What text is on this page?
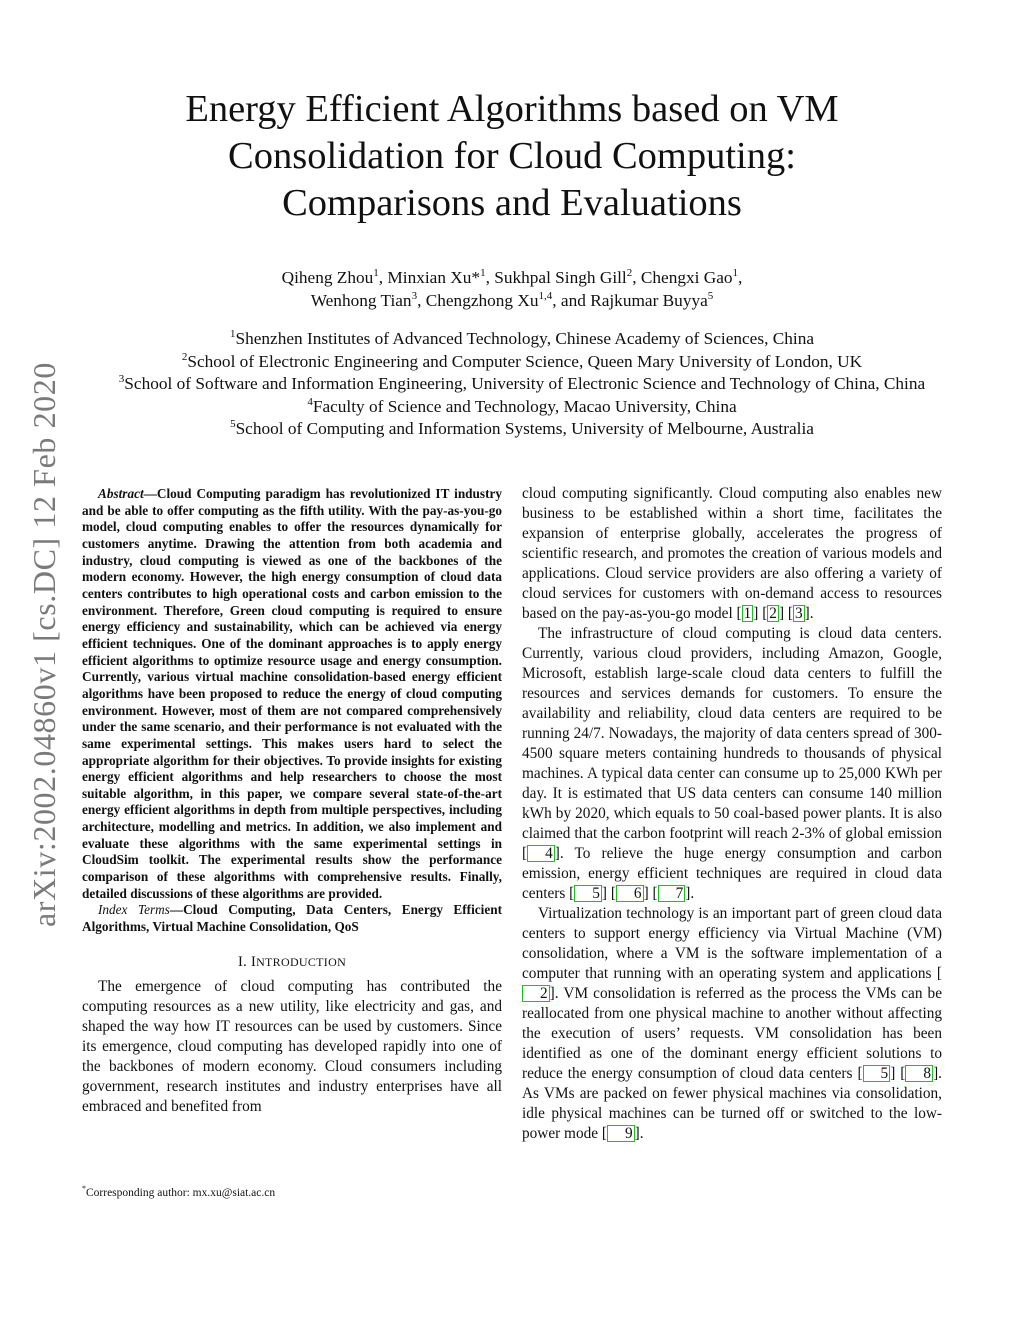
arXiv:2002.04860v1 [cs.DC] 12 Feb 2020
Energy Efficient Algorithms based on VM
Consolidation for Cloud Computing:
Comparisons and Evaluations
Qiheng Zhou$^1$, Minxian Xu*$^1$, Sukhpal Singh Gill$^2$, Chengxi Gao$^1$,
Wenhong Tian$^3$, Chengzhong Xu$^{1,4}$, and Rajkumar Buyya$^5$
$^1$Shenzhen Institutes of Advanced Technology, Chinese Academy of Sciences, China
$^2$School of Electronic Engineering and Computer Science, Queen Mary University of London, UK
$^3$School of Software and Information Engineering, University of Electronic Science and Technology of China, China
$^4$Faculty of Science and Technology, Macao University, China
$^5$School of Computing and Information Systems, University of Melbourne, Australia

Abstract—Cloud Computing paradigm has revolutionized IT industry and be able to offer computing as the fifth utility. With the pay-as-you-go model, cloud computing enables to offer the resources dynamically for customers anytime. Drawing the attention from both academia and industry, cloud computing is viewed as one of the backbones of the modern economy. However, the high energy consumption of cloud data centers contributes to high operational costs and carbon emission to the environment. Therefore, Green cloud computing is required to ensure energy efficiency and sustainability, which can be achieved via energy efficient techniques. One of the dominant approaches is to apply energy efficient algorithms to optimize resource usage and energy consumption. Currently, various virtual machine consolidation-based energy efficient algorithms have been proposed to reduce the energy of cloud computing environment. However, most of them are not compared comprehensively under the same scenario, and their performance is not evaluated with the same experimental settings. This makes users hard to select the appropriate algorithm for their objectives. To provide insights for existing energy efficient algorithms and help researchers to choose the most suitable algorithm, in this paper, we compare several state-of-the-art energy efficient algorithms in depth from multiple perspectives, including architecture, modelling and metrics. In addition, we also implement and evaluate these algorithms with the same experimental settings in CloudSim toolkit. The experimental results show the performance comparison of these algorithms with comprehensive results. Finally, detailed discussions of these algorithms are provided.

Index Terms—Cloud Computing, Data Centers, Energy Efficient Algorithms, Virtual Machine Consolidation, QoS

I. INTRODUCTION

The emergence of cloud computing has contributed the computing resources as a new utility, like electricity and gas, and shaped the way how IT resources can be used by customers. Since its emergence, cloud computing has developed rapidly into one of the backbones of modern economy. Cloud consumers including government, research institutes and industry enterprises have all embraced and benefited from

*Corresponding author: mx.xu@siat.ac.cn

cloud computing significantly. Cloud computing also enables new business to be established within a short time, facilitates the expansion of enterprise globally, accelerates the progress of scientific research, and promotes the creation of various models and applications. Cloud service providers are also offering a variety of cloud services for customers with on-demand access to resources based on the pay-as-you-go model [ 1 ] [ 2 ] [ 3 ].

The infrastructure of cloud computing is cloud data centers. Currently, various cloud providers, including Amazon, Google, Microsoft, establish large-scale cloud data centers to fulfill the resources and services demands for customers. To ensure the availability and reliability, cloud data centers are required to be running 24/7. Nowadays, the majority of data centers spread of 300-4500 square meters containing hundreds to thousands of physical machines. A typical data center can consume up to 25,000 KWh per day. It is estimated that US data centers can consume 140 million kWh by 2020, which equals to 50 coal-based power plants. It is also claimed that the carbon footprint will reach 2-3% of global emission [ 4 ]. To relieve the huge energy consumption and carbon emission, energy efficient techniques are required in cloud data centers [ 5 ] [ 6 ] [ 7 ].

Virtualization technology is an important part of green cloud data centers to support energy efficiency via Virtual Machine (VM) consolidation, where a VM is the software implementation of a computer that running with an operating system and applications [2 ]. VM consolidation is referred as the process the VMs can be reallocated from one physical machine to another without affecting the execution of users’ requests. VM consolidation has been identified as one of the dominant energy efficient solutions to reduce the energy consumption of cloud data centers [ 5 ] [ 8 ]. As VMs are packed on fewer physical machines via consolidation, idle physical machines can be turned off or switched to the low-power mode [ 9 ].
